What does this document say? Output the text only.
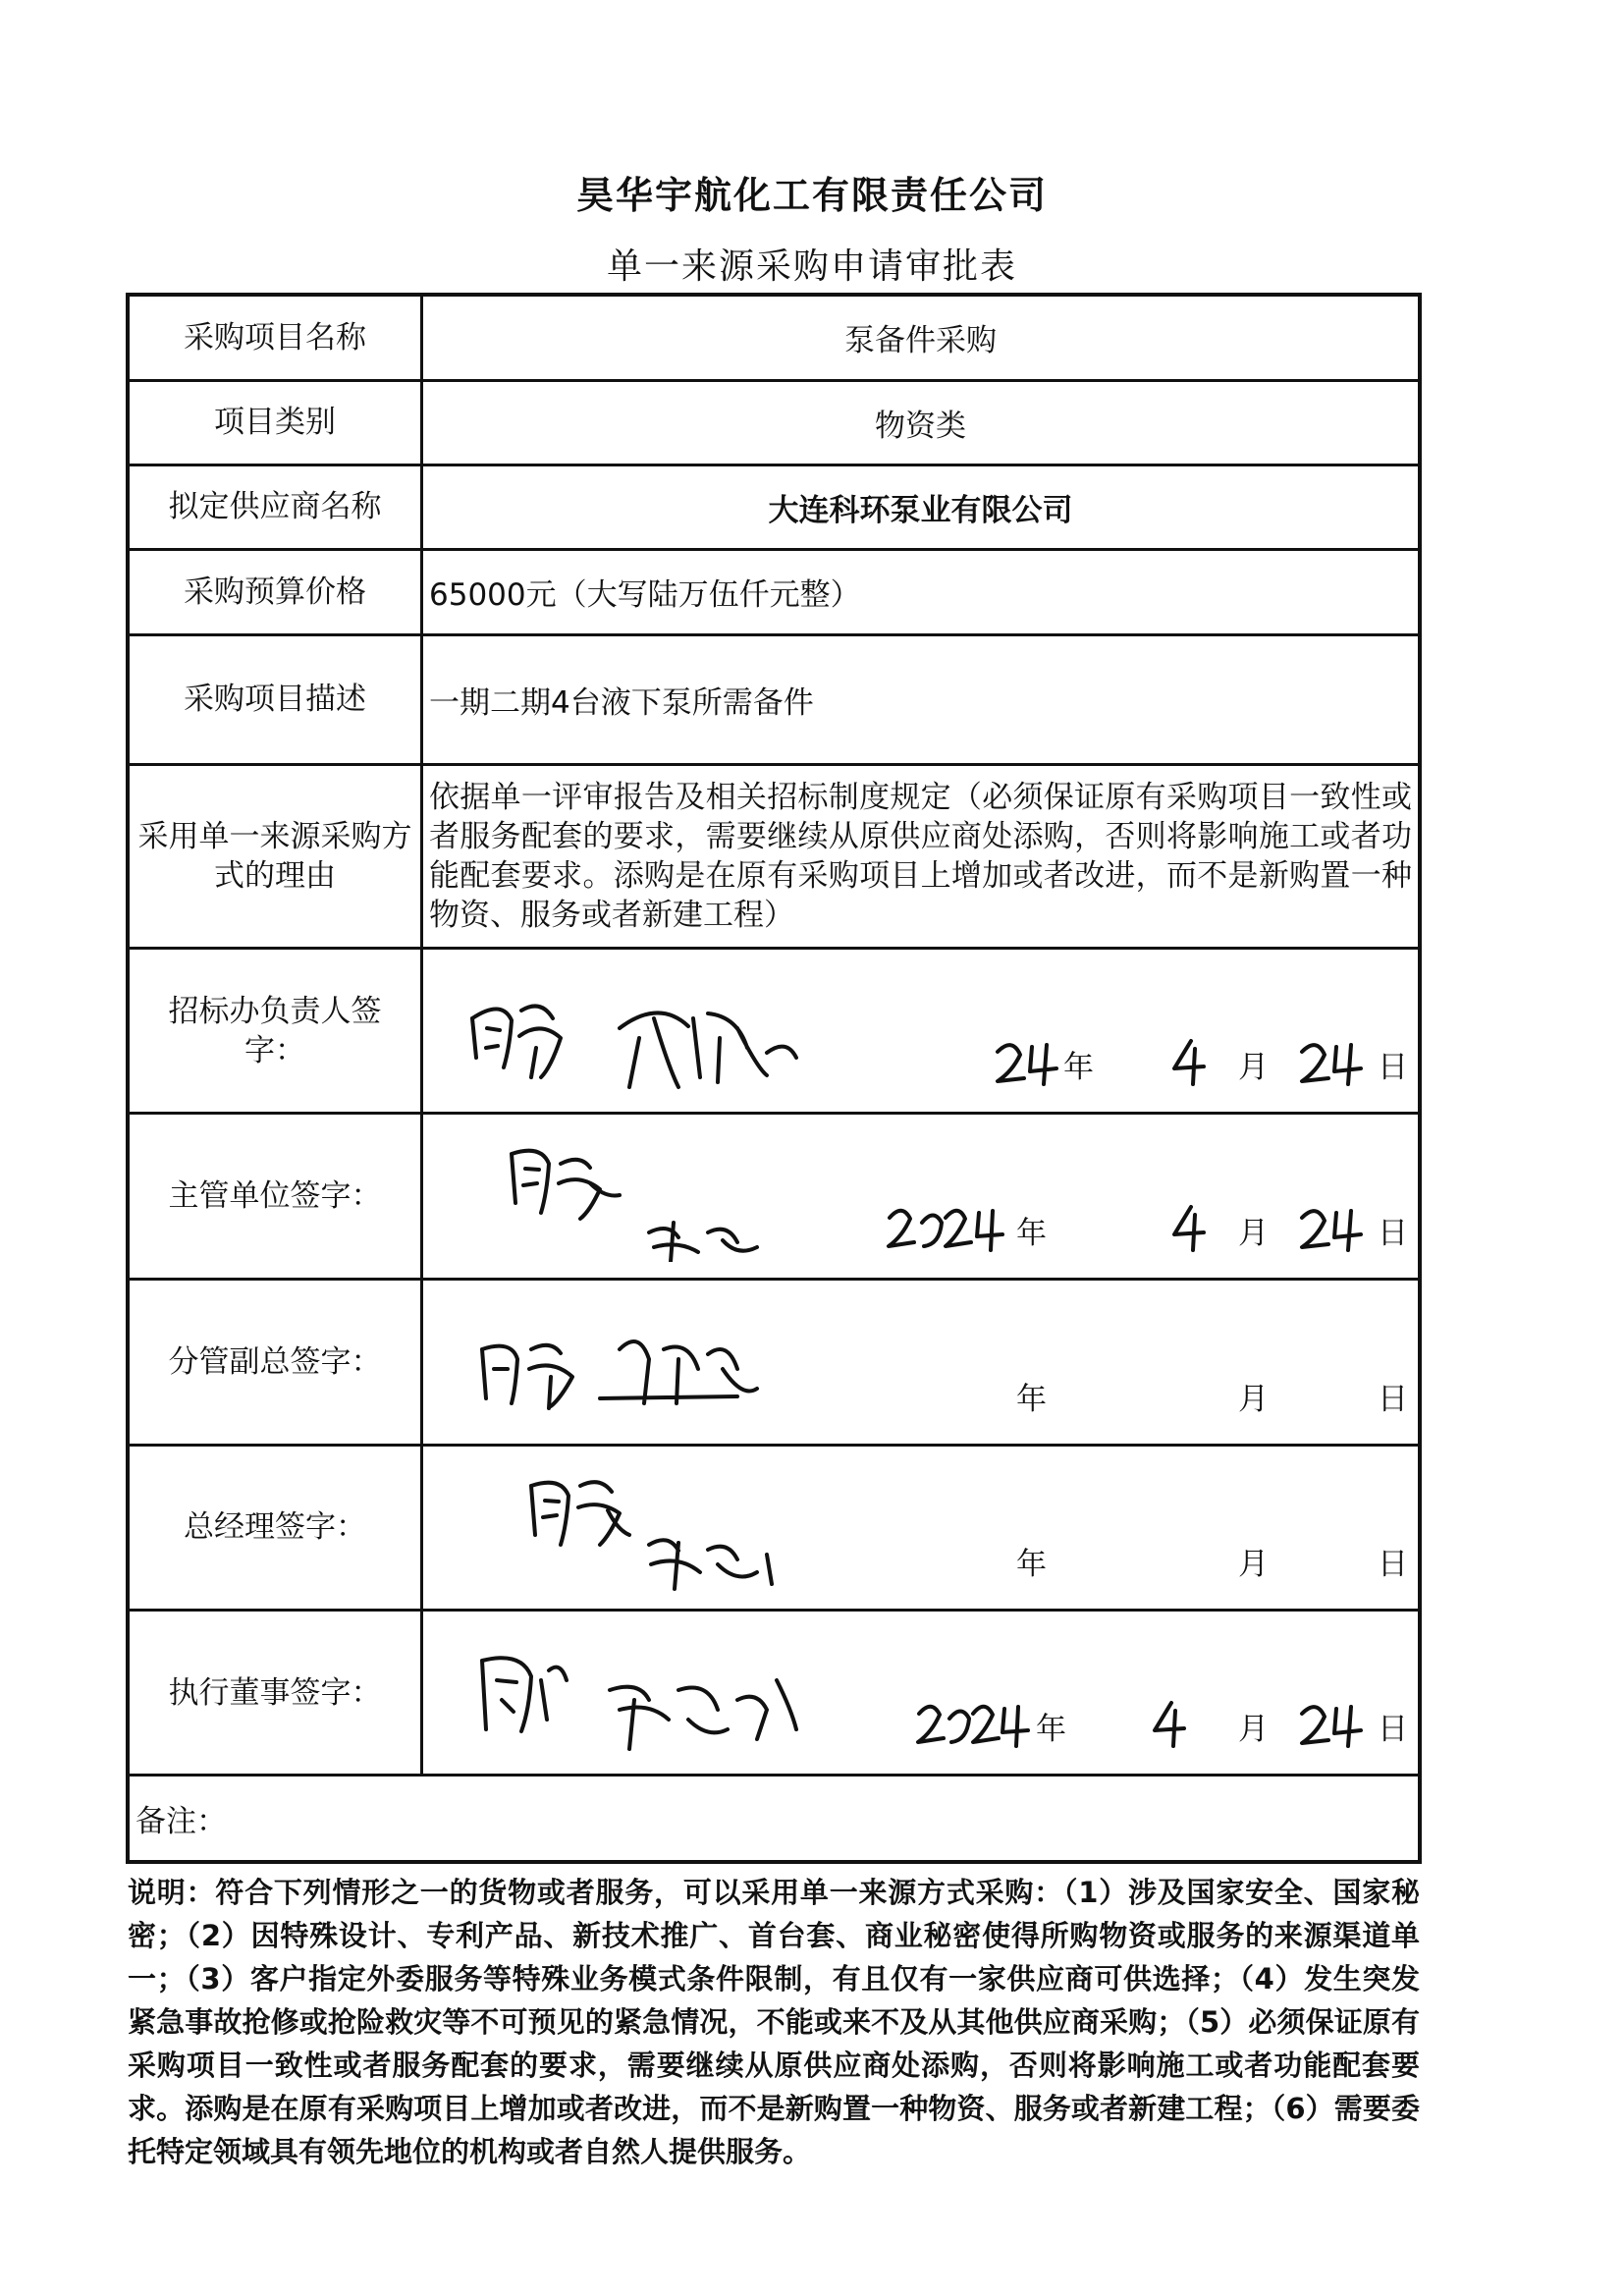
昊华宇航化工有限责任公司
单一来源采购申请审批表
采购项目名称	泵备件采购
项目类别	物资类
拟定供应商名称	大连科环泵业有限公司
采购预算价格	65000元（大写陆万伍仟元整）
采购项目描述	一期二期4台液下泵所需备件
采用单一来源采购方式的理由	依据单一评审报告及相关招标制度规定（必须保证原有采购项目一致性或者服务配套的要求，需要继续从原供应商处添购，否则将影响施工或者功能配套要求。添购是在原有采购项目上增加或者改进，而不是新购置一种物资、服务或者新建工程）
招标办负责人签字：	年 月 日

主管单位签字：	年 月 日

分管副总签字：	年 月 日

总经理签字：	年 月 日

执行董事签字：	年 月 日

备注：	
说明：符合下列情形之一的货物或者服务，可以采用单一来源方式采购：（1）涉及国家安全、国家秘密；（2）因特殊设计、专利产品、新技术推广、首台套、商业秘密使得所购物资或服务的来源渠道单一；（3）客户指定外委服务等特殊业务模式条件限制，有且仅有一家供应商可供选择；（4）发生突发紧急事故抢修或抢险救灾等不可预见的紧急情况，不能或来不及从其他供应商采购；（5）必须保证原有采购项目一致性或者服务配套的要求，需要继续从原供应商处添购，否则将影响施工或者功能配套要求。添购是在原有采购项目上增加或者改进，而不是新购置一种物资、服务或者新建工程；（6）需要委托特定领域具有领先地位的机构或者自然人提供服务。
